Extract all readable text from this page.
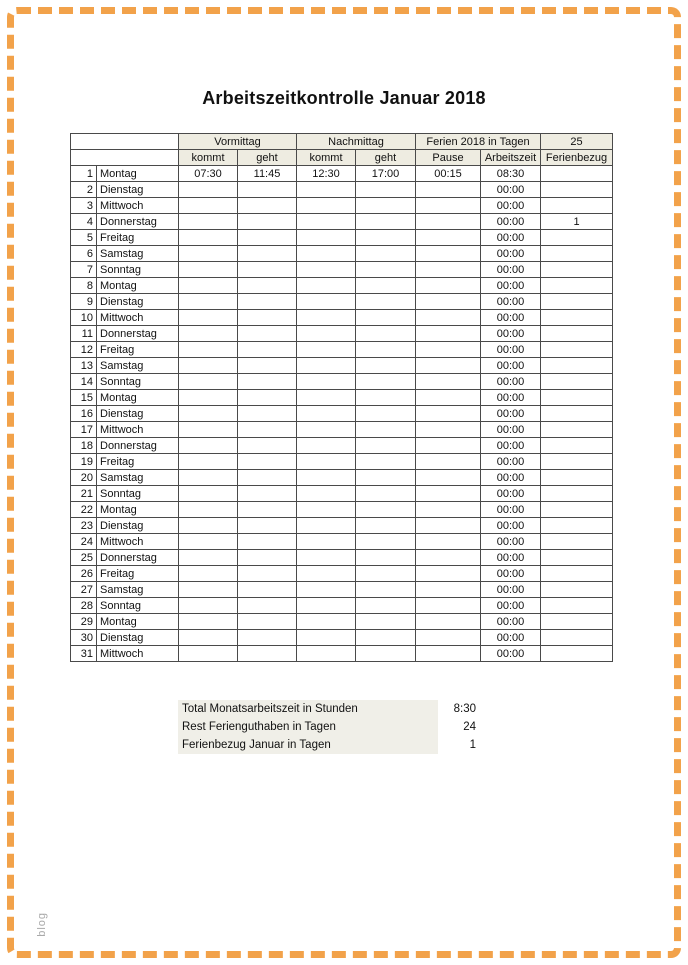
Arbeitszeitkontrolle Januar 2018
		Vormittag		Nachmittag		Ferien 2018 in Tagen		25
		kommt	geht	kommt	geht	Pause	Arbeitszeit	Ferienbezug
1	Montag	07:30	11:45	12:30	17:00	00:15	08:30	
2	Dienstag						00:00	
3	Mittwoch						00:00	
4	Donnerstag						00:00	1
5	Freitag						00:00	
6	Samstag						00:00	
7	Sonntag						00:00	
8	Montag						00:00	
9	Dienstag						00:00	
10	Mittwoch						00:00	
11	Donnerstag						00:00	
12	Freitag						00:00	
13	Samstag						00:00	
14	Sonntag						00:00	
15	Montag						00:00	
16	Dienstag						00:00	
17	Mittwoch						00:00	
18	Donnerstag						00:00	
19	Freitag						00:00	
20	Samstag						00:00	
21	Sonntag						00:00	
22	Montag						00:00	
23	Dienstag						00:00	
24	Mittwoch						00:00	
25	Donnerstag						00:00	
26	Freitag						00:00	
27	Samstag						00:00	
28	Sonntag						00:00	
29	Montag						00:00	
30	Dienstag						00:00	
31	Mittwoch						00:00	
Total Monatsarbeitszeit in Stunden	8:30
Rest Ferienguthaben in Tagen	24
Ferienbezug Januar in Tagen	1
blog
